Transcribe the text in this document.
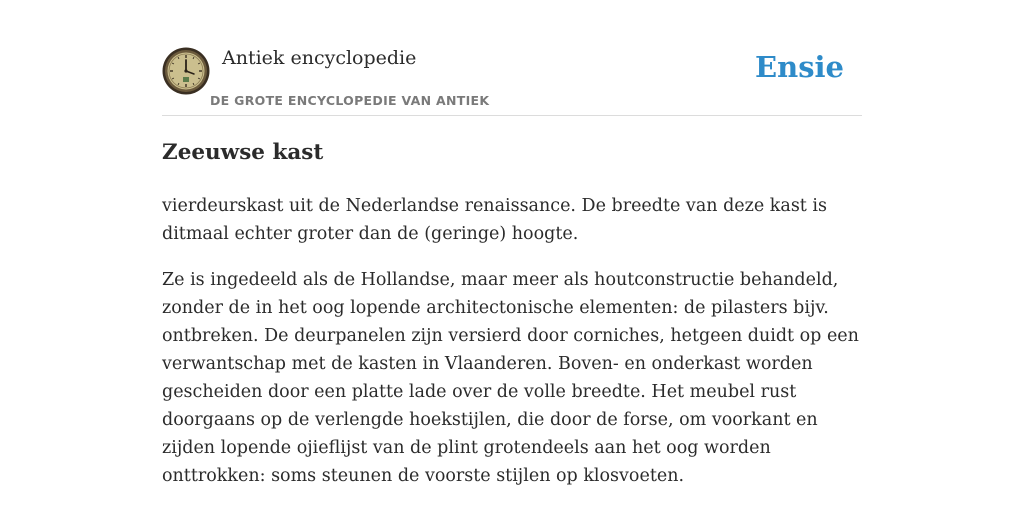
Antiek encyclopedie
DE GROTE ENCYCLOPEDIE VAN ANTIEK
Ensie
Zeeuwse kast

vierdeurskast uit de Nederlandse renaissance. De breedte van deze kast is ditmaal echter groter dan de (geringe) hoogte.

Ze is ingedeeld als de Hollandse, maar meer als houtconstructie behandeld, zonder de in het oog lopende architectonische elementen: de pilasters bijv. ontbreken. De deurpanelen zijn versierd door corniches, hetgeen duidt op een verwantschap met de kasten in Vlaanderen. Boven- en onderkast worden gescheiden door een platte lade over de volle breedte. Het meubel rust doorgaans op de verlengde hoekstijlen, die door de forse, om voorkant en zijden lopende ojieflijst van de plint grotendeels aan het oog worden onttrokken: soms steunen de voorste stijlen op klosvoeten.
